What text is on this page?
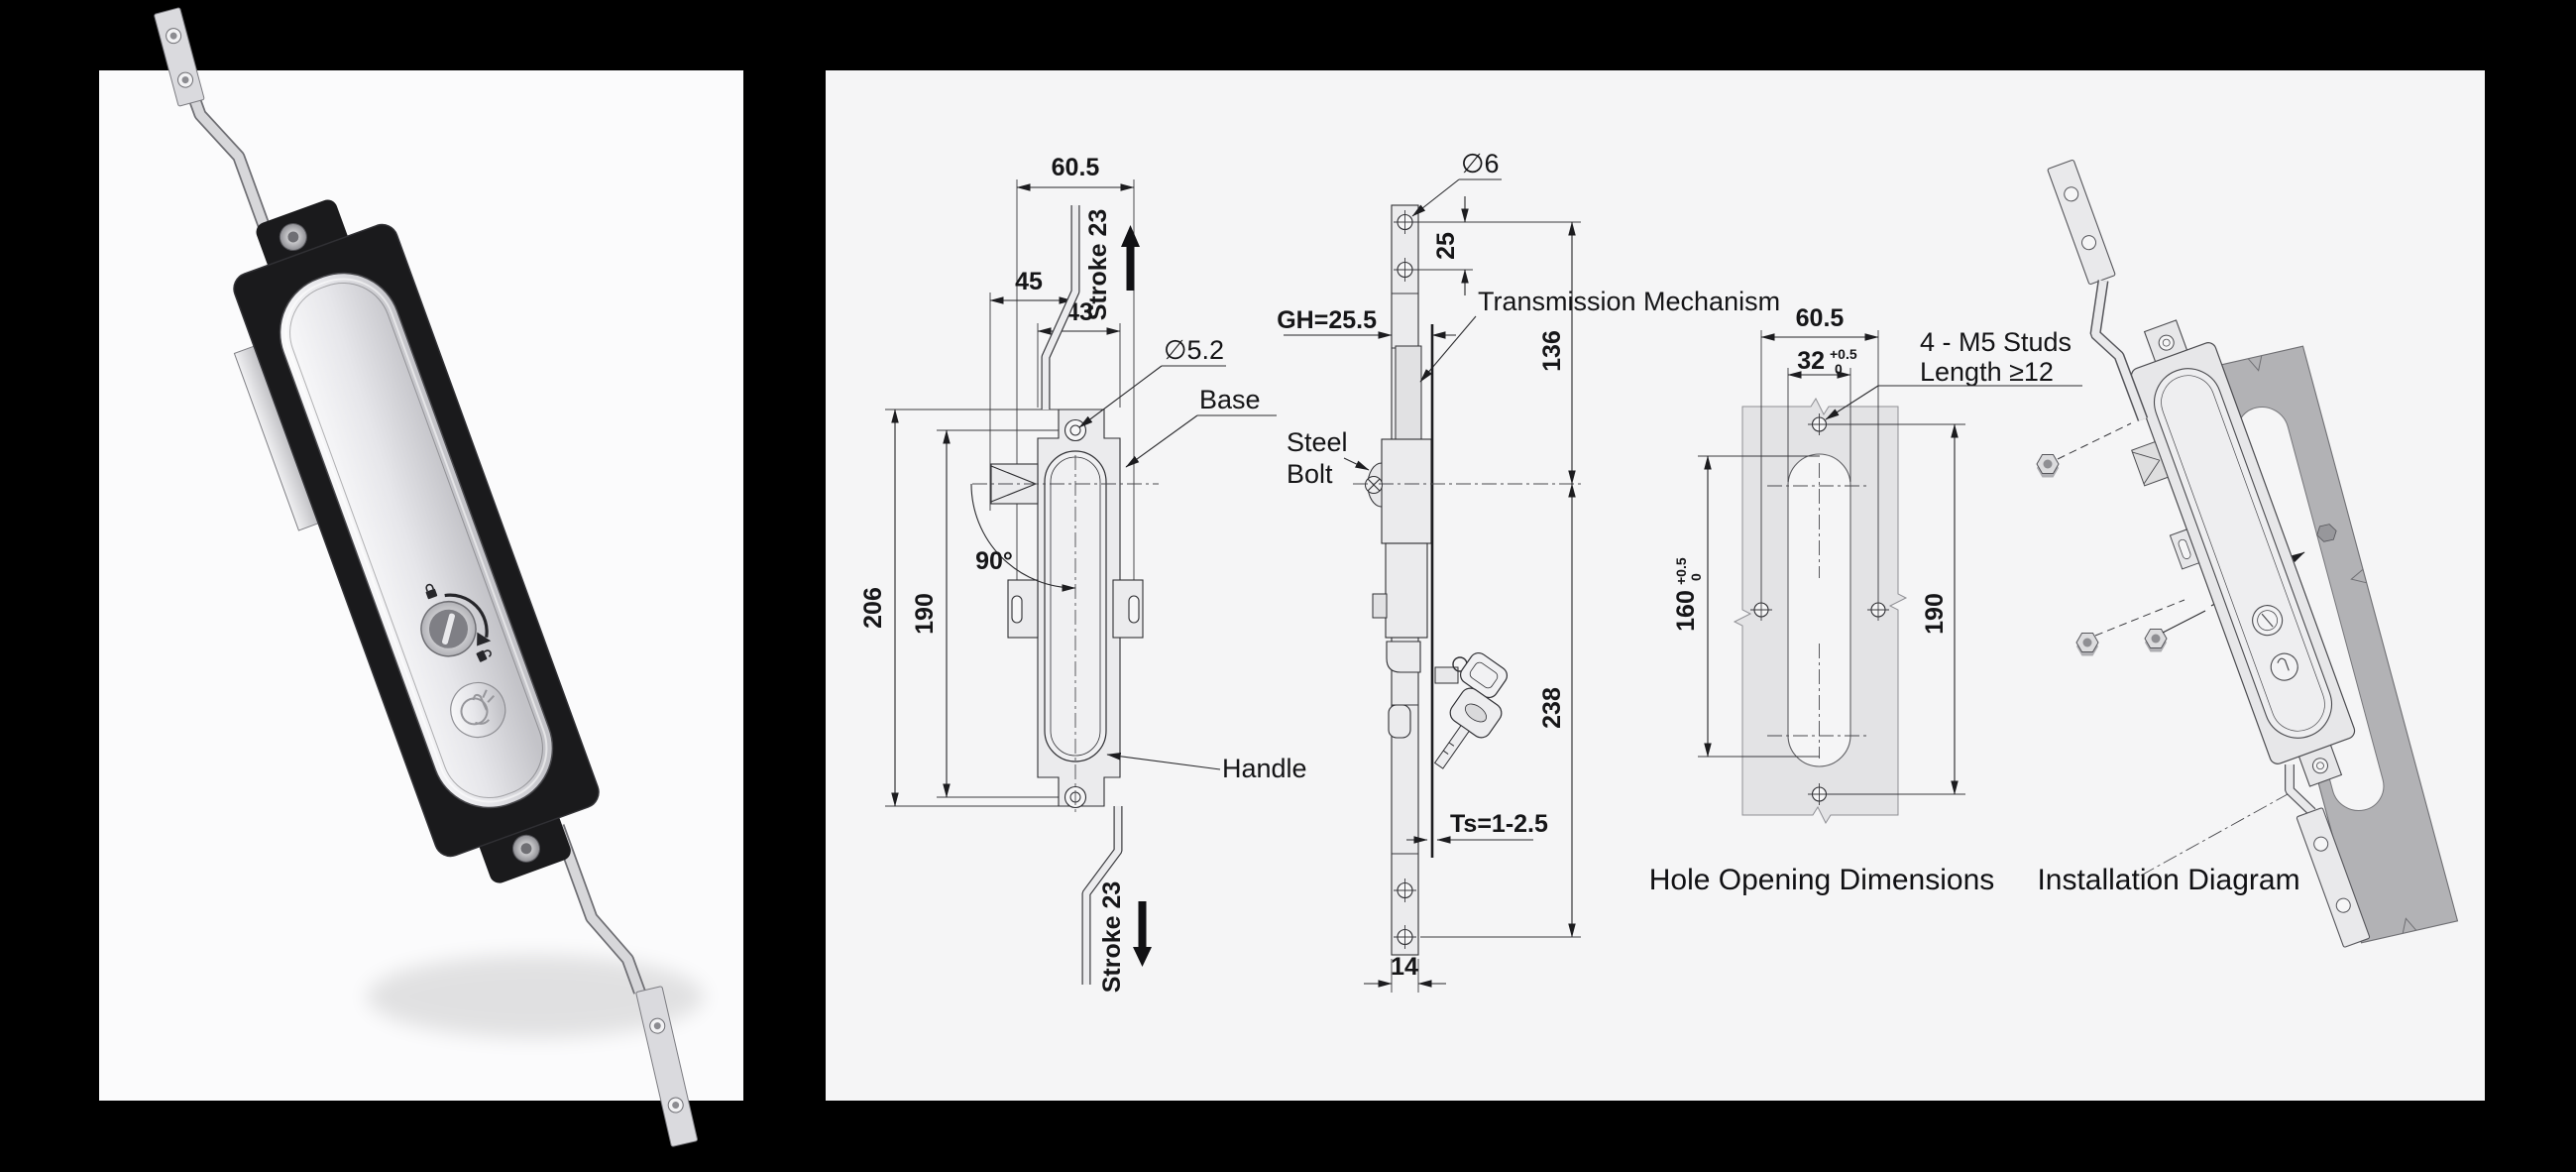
60.5
Stroke 23
45
43
90°
206 190
∅5.2
Base
Handle
Stroke 23
∅6
25
GH=25.5
Transmission Mechanism
Steel
Bolt
136
238
Ts=1-2.5
14
60.5
32 +0.5
0
160
+0.5 0
190
4 - M5 Studs
Length ≥12
Hole Opening Dimensions Installation Diagram
